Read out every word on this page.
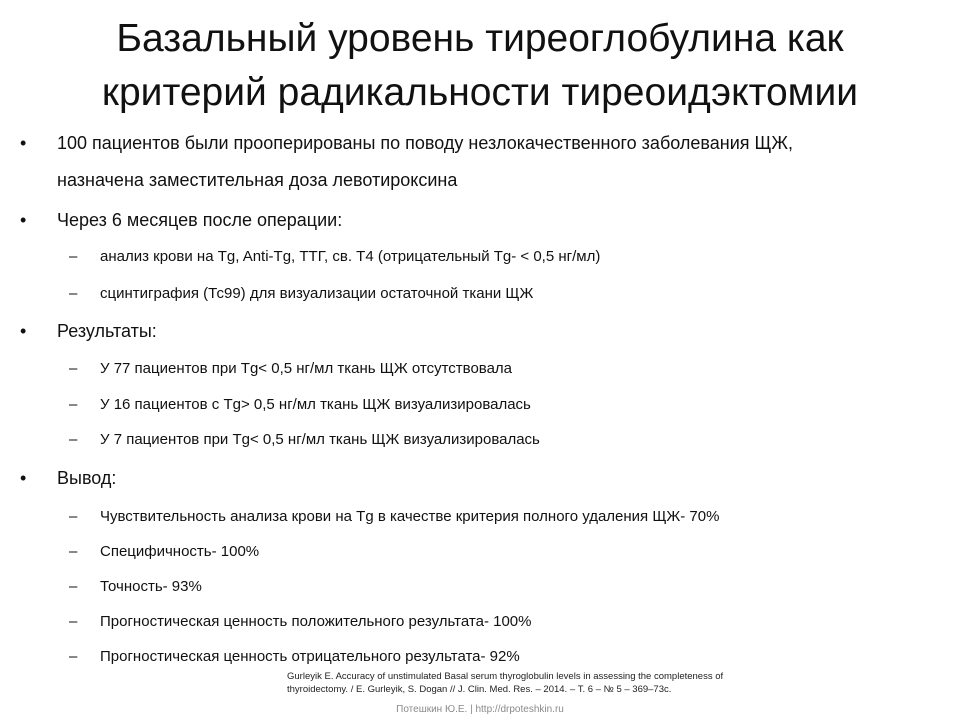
Базальный уровень тиреоглобулина как
критерий радикальности тиреоидэктомии
• 100 пациентов были прооперированы по поводу незлокачественного заболевания ЩЖ,
назначена заместительная доза левотироксина
• Через 6 месяцев после операции:
– анализ крови на Tg, Anti-Tg, ТТГ, св. Т4 (отрицательный Tg- < 0,5 нг/мл)
– сцинтиграфия (Тс99) для визуализации остаточной ткани ЩЖ
• Результаты:
– У 77 пациентов при Tg< 0,5 нг/мл ткань ЩЖ отсутствовала
– У 16 пациентов с Tg> 0,5 нг/мл ткань ЩЖ визуализировалась
– У 7 пациентов при Tg< 0,5 нг/мл ткань ЩЖ визуализировалась
• Вывод:
– Чувствительность анализа крови на Tg в качестве критерия полного удаления ЩЖ- 70%
– Специфичность- 100%
– Точность- 93%
– Прогностическая ценность положительного результата- 100%
– Прогностическая ценность отрицательного результата- 92%
Gurleyik E. Accuracy of unstimulated Basal serum thyroglobulin levels in assessing the completeness of
thyroidectomy. / E. Gurleyik, S. Dogan // J. Clin. Med. Res. – 2014. – Т. 6 – № 5 – 369–73с.
Потешкин Ю.Е. | http://drpoteshkin.ru
